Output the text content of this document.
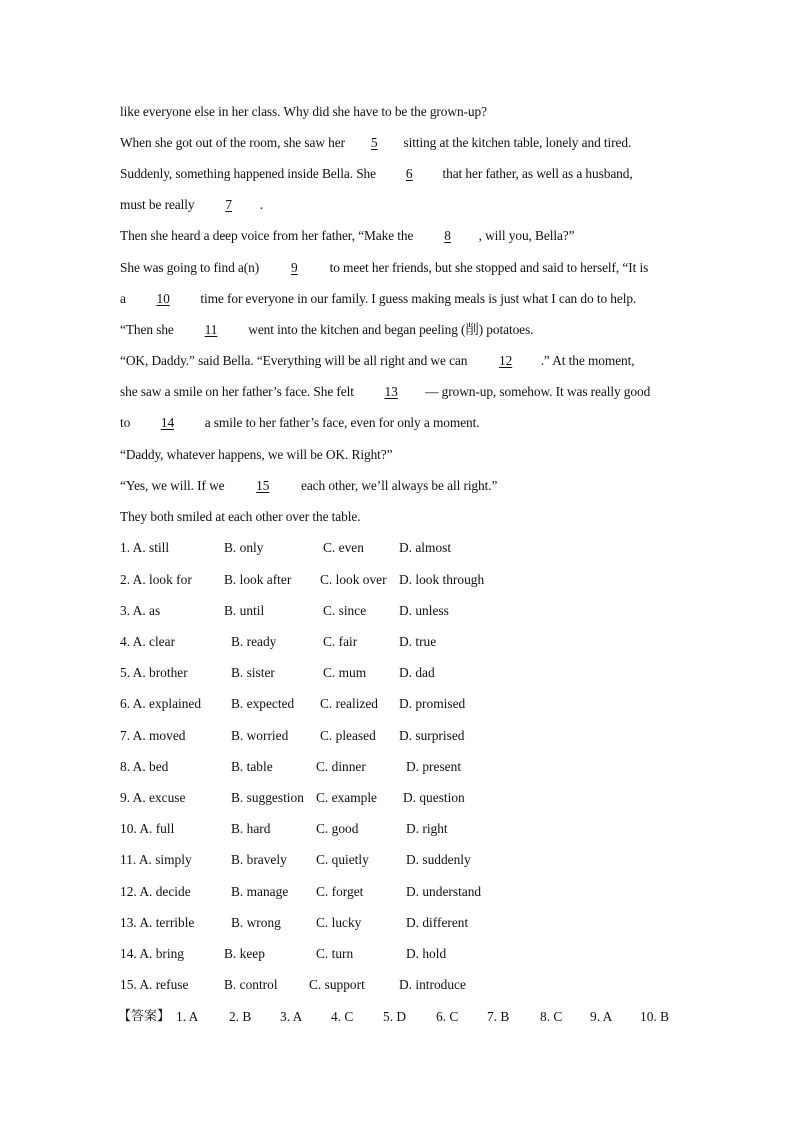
like everyone else in her class. Why did she have to be the grown-up?
When she got out of the room, she saw her 5 sitting at the kitchen table, lonely and tired.
Suddenly, something happened inside Bella. She 6 that her father, as well as a husband,
must be really 7 .
Then she heard a deep voice from her father, “Make the 8 , will you, Bella?”
She was going to find a(n) 9 to meet her friends, but she stopped and said to herself, “It is
a 10 time for everyone in our family. I guess making meals is just what I can do to help.
“Then she 11 went into the kitchen and began peeling (削) potatoes.
“OK, Daddy.” said Bella. “Everything will be all right and we can 12 .” At the moment,
she saw a smile on her father’s face. She felt 13 — grown-up, somehow. It was really good
to 14 a smile to her father’s face, even for only a moment.
“Daddy, whatever happens, we will be OK. Right?”
“Yes, we will. If we 15 each other, we’ll always be all right.”
They both smiled at each other over the table.
1. A. still	B. only	C. even	D. almost
2. A. look for B. look after C. look over D. look through
3. A. as	B. until	C. since D. unless
4. A. clear	B. ready	C. fair	D. true
5. A. brother	B. sister	C. mum D. dad
6. A. explained B. expected C. realized D. promised
7. A. moved	B. worried C. pleased D. surprised
8. A. bed	B. table	C. dinner	D. present
9. A. excuse	B. suggestion C. example D. question
10. A. full	B. hard	C. good	D. right
11. A. simply	B. bravely C. quietly	D. suddenly
12. A. decide	B. manage C. forget	D. understand
13. A. terrible	B. wrong	C. lucky	D. different
14. A. bring	B. keep	C. turn	D. hold
15. A. refuse	B. control C. support	D. introduce
【答案】 1. A 2. B 3. A 4. C 5. D 6. C 7. B 8. C 9. A 10. B
